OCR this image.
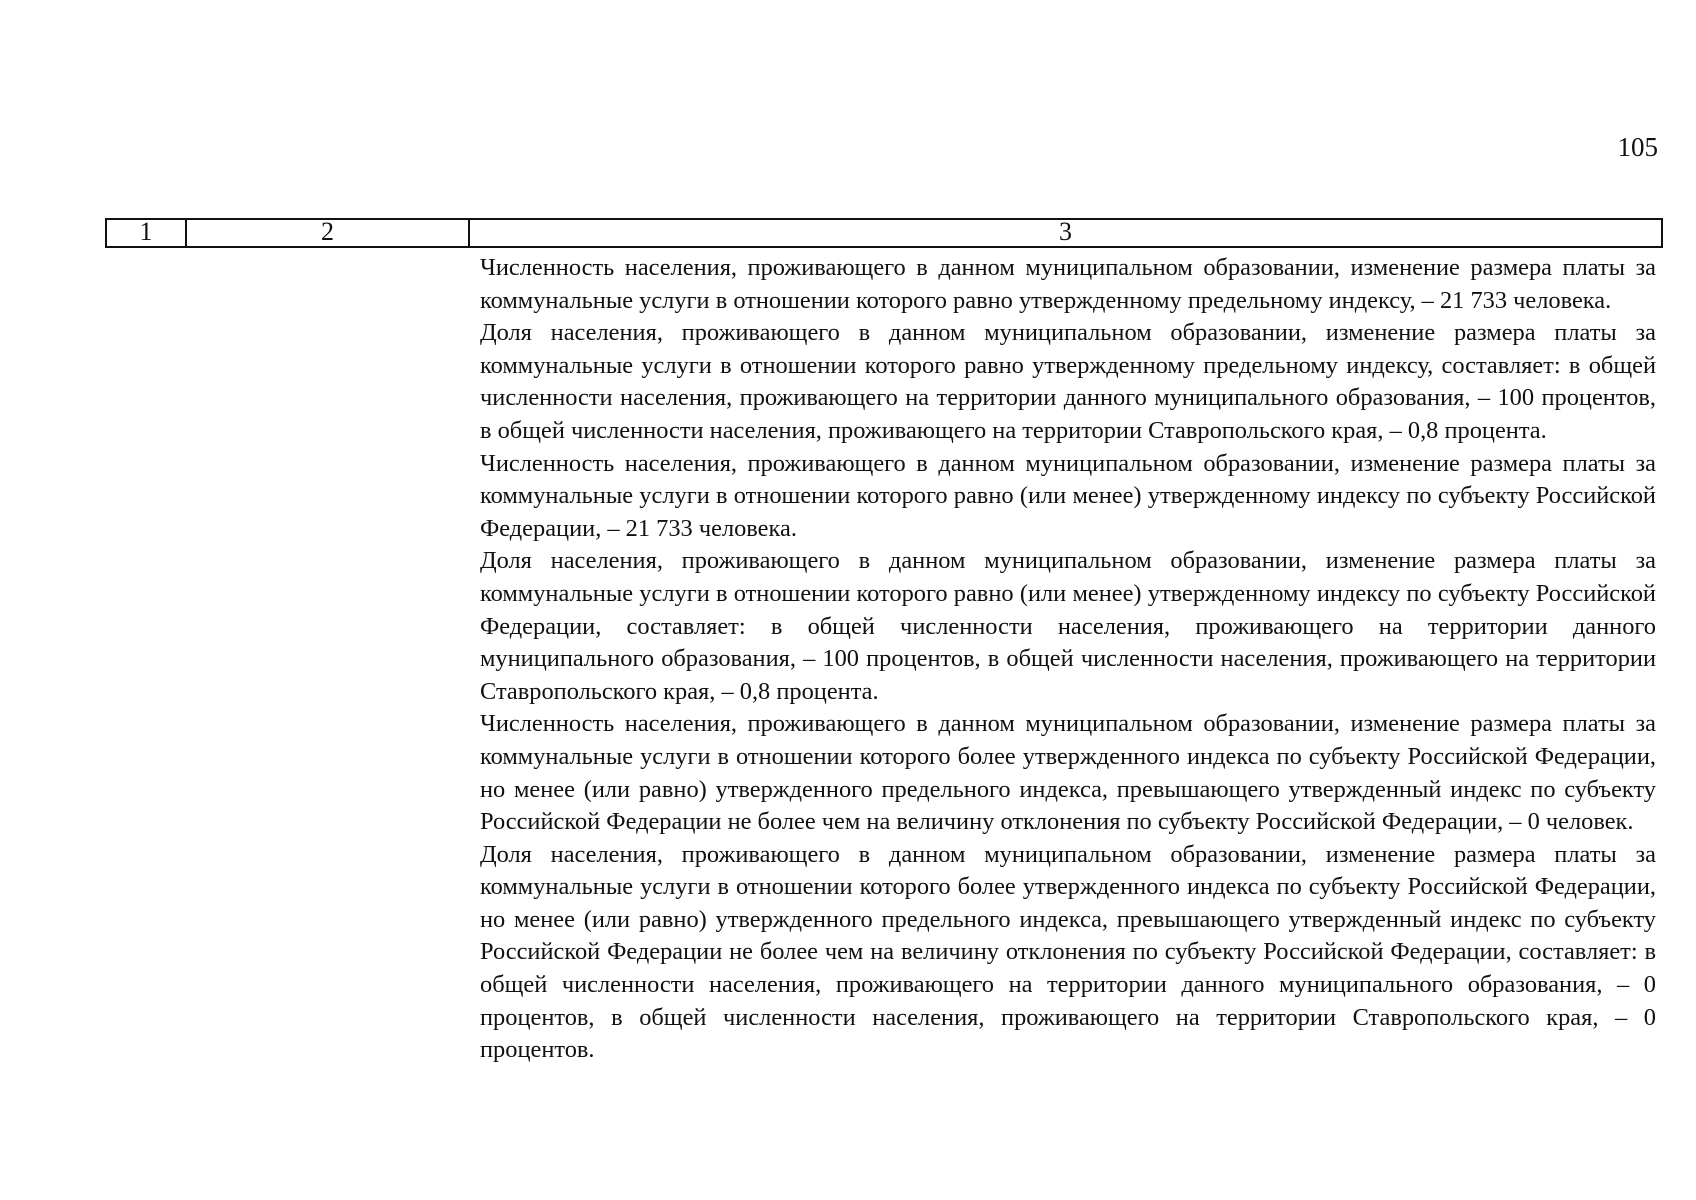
105
1	2	3

Численность населения, проживающего в данном муниципальном образовании, изменение размера платы за коммунальные услуги в отношении которого равно утвержденному предельному индексу, – 21 733 человека.

Доля населения, проживающего в данном муниципальном образовании, изменение размера платы за коммунальные услуги в отношении которого равно утвержденному предельному индексу, составляет: в общей численности населения, проживающего на территории данного муниципального образования, – 100 процентов, в общей численности населения, проживающего на территории Ставропольского края, – 0,8 процента.

Численность населения, проживающего в данном муниципальном образовании, изменение размера платы за коммунальные услуги в отношении которого равно (или менее) утвержденному индексу по субъекту Российской Федерации, – 21 733 человека.

Доля населения, проживающего в данном муниципальном образовании, изменение размера платы за коммунальные услуги в отношении которого равно (или менее) утвержденному индексу по субъекту Российской Федерации, составляет: в общей численности населения, проживающего на территории данного муниципального образования, – 100 процентов, в общей численности населения, проживающего на территории Ставропольского края, – 0,8 процента.

Численность населения, проживающего в данном муниципальном образовании, изменение размера платы за коммунальные услуги в отношении которого более утвержденного индекса по субъекту Российской Федерации, но менее (или равно) утвержденного предельного индекса, превышающего утвержденный индекс по субъекту Российской Федерации не более чем на величину отклонения по субъекту Российской Федерации, – 0 человек.

Доля населения, проживающего в данном муниципальном образовании, изменение размера платы за коммунальные услуги в отношении которого более утвержденного индекса по субъекту Российской Федерации, но менее (или равно) утвержденного предельного индекса, превышающего утвержденный индекс по субъекту Российской Федерации не более чем на величину отклонения по субъекту Российской Федерации, составляет: в общей численности населения, проживающего на территории данного муниципального образования, – 0 процентов, в общей численности населения, проживающего на территории Ставропольского края, – 0 процентов.
